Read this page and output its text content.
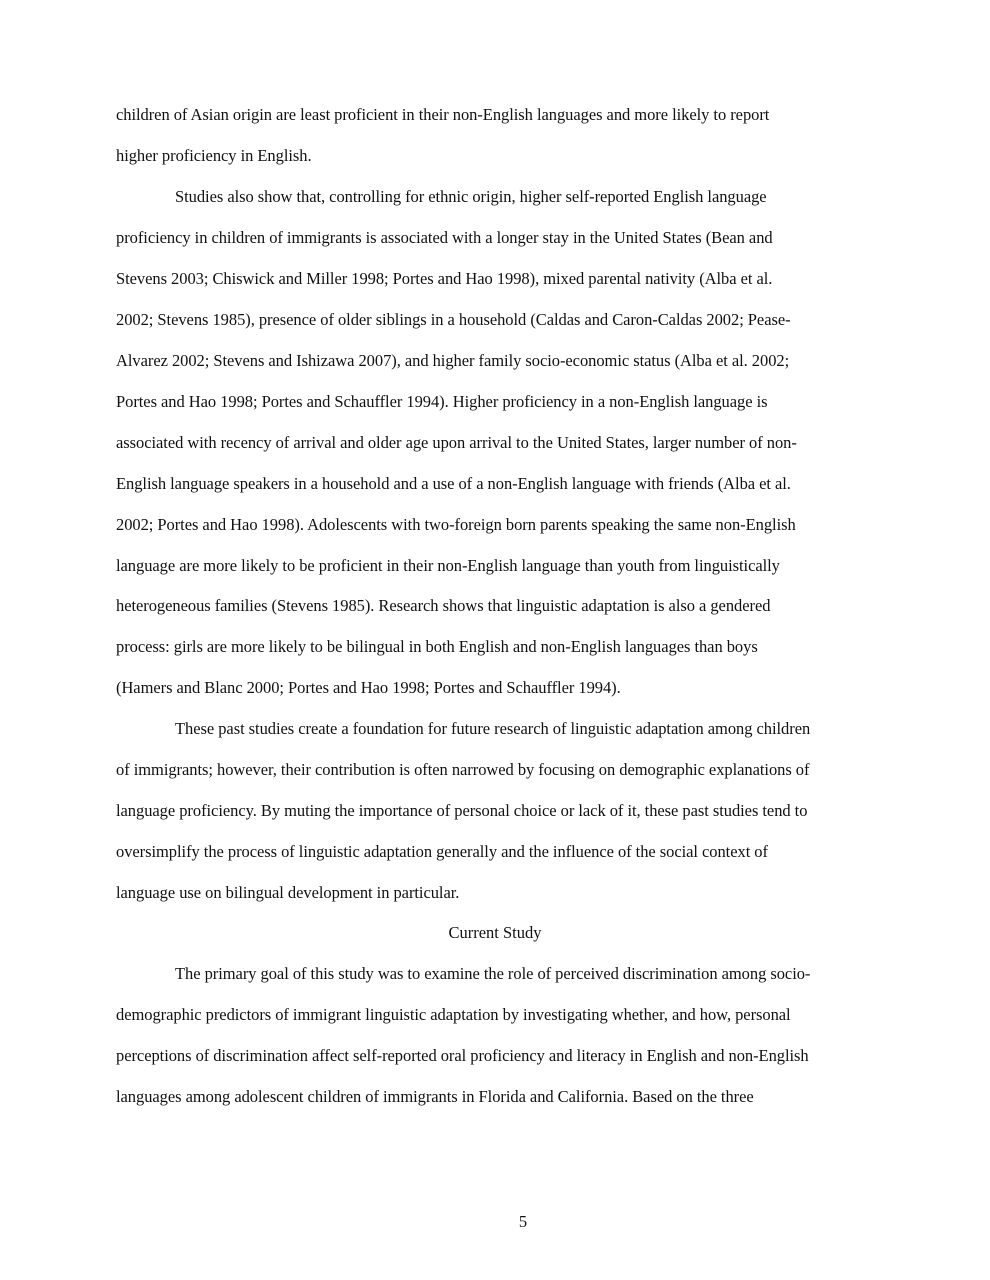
children of Asian origin are least proficient in their non-English languages and more likely to report
higher proficiency in English.
Studies also show that, controlling for ethnic origin, higher self-reported English language
proficiency in children of immigrants is associated with a longer stay in the United States (Bean and
Stevens 2003; Chiswick and Miller 1998; Portes and Hao 1998), mixed parental nativity (Alba et al.
2002; Stevens 1985), presence of older siblings in a household (Caldas and Caron-Caldas 2002; Pease-
Alvarez 2002; Stevens and Ishizawa 2007), and higher family socio-economic status (Alba et al. 2002;
Portes and Hao 1998; Portes and Schauffler 1994). Higher proficiency in a non-English language is
associated with recency of arrival and older age upon arrival to the United States, larger number of non-
English language speakers in a household and a use of a non-English language with friends (Alba et al.
2002; Portes and Hao 1998). Adolescents with two-foreign born parents speaking the same non-English
language are more likely to be proficient in their non-English language than youth from linguistically
heterogeneous families (Stevens 1985). Research shows that linguistic adaptation is also a gendered
process: girls are more likely to be bilingual in both English and non-English languages than boys
(Hamers and Blanc 2000; Portes and Hao 1998; Portes and Schauffler 1994).
These past studies create a foundation for future research of linguistic adaptation among children
of immigrants; however, their contribution is often narrowed by focusing on demographic explanations of
language proficiency. By muting the importance of personal choice or lack of it, these past studies tend to
oversimplify the process of linguistic adaptation generally and the influence of the social context of
language use on bilingual development in particular.
Current Study
The primary goal of this study was to examine the role of perceived discrimination among socio-
demographic predictors of immigrant linguistic adaptation by investigating whether, and how, personal
perceptions of discrimination affect self-reported oral proficiency and literacy in English and non-English
languages among adolescent children of immigrants in Florida and California. Based on the three
5
